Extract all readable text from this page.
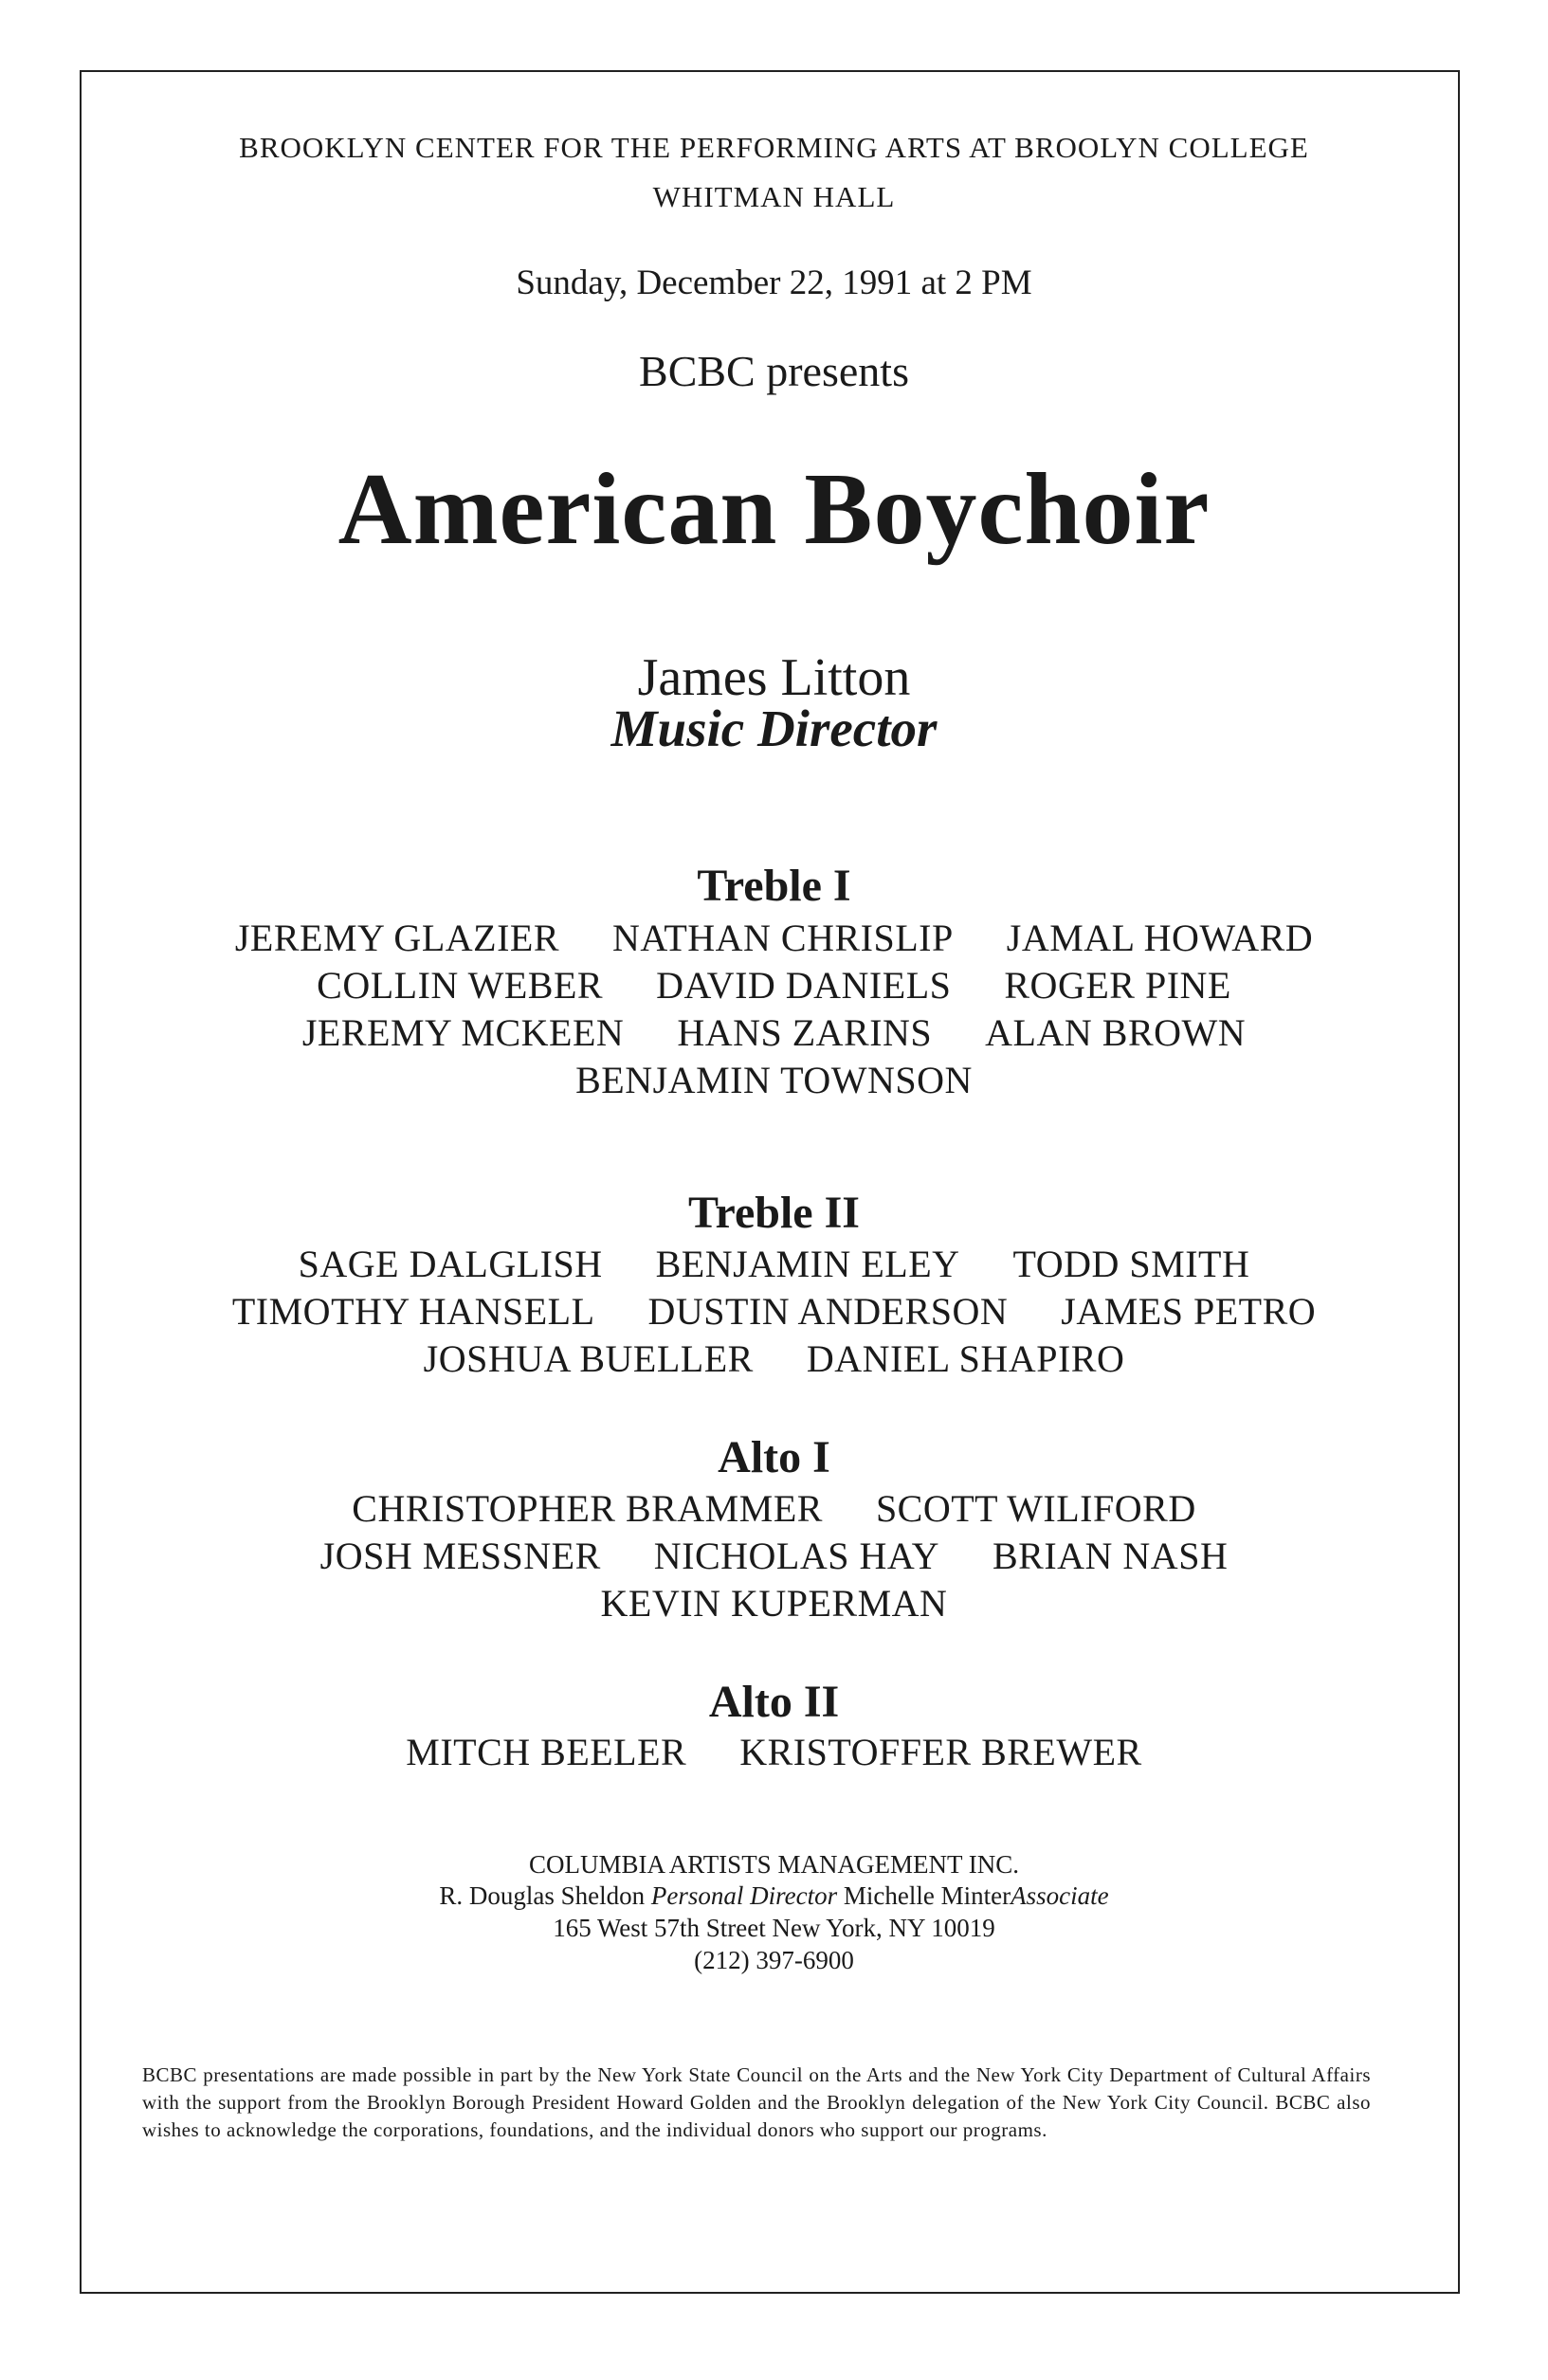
BROOKLYN CENTER FOR THE PERFORMING ARTS AT BROOLYN COLLEGE
WHITMAN HALL
Sunday, December 22, 1991 at 2 PM
BCBC presents
American Boychoir
James Litton
Music Director
Treble I
JEREMY GLAZIER NATHAN CHRISLIP JAMAL HOWARD
COLLIN WEBER DAVID DANIELS ROGER PINE
JEREMY MCKEEN HANS ZARINS ALAN BROWN
BENJAMIN TOWNSON
Treble II
SAGE DALGLISH BENJAMIN ELEY TODD SMITH
TIMOTHY HANSELL DUSTIN ANDERSON JAMES PETRO
JOSHUA BUELLER DANIEL SHAPIRO
Alto I
CHRISTOPHER BRAMMER SCOTT WILIFORD
JOSH MESSNER NICHOLAS HAY BRIAN NASH
KEVIN KUPERMAN
Alto II
MITCH BEELER KRISTOFFER BREWER
COLUMBIA ARTISTS MANAGEMENT INC.
R. Douglas Sheldon Personal Director Michelle MinterAssociate
165 West 57th Street New York, NY 10019
(212) 397-6900
BCBC presentations are made possible in part by the New York State Council on the Arts and the New York City Department of Cultural Affairs with the support from the Brooklyn Borough President Howard Golden and the Brooklyn delegation of the New York City Council. BCBC also wishes to acknowledge the corporations, foundations, and the individual donors who support our programs.
